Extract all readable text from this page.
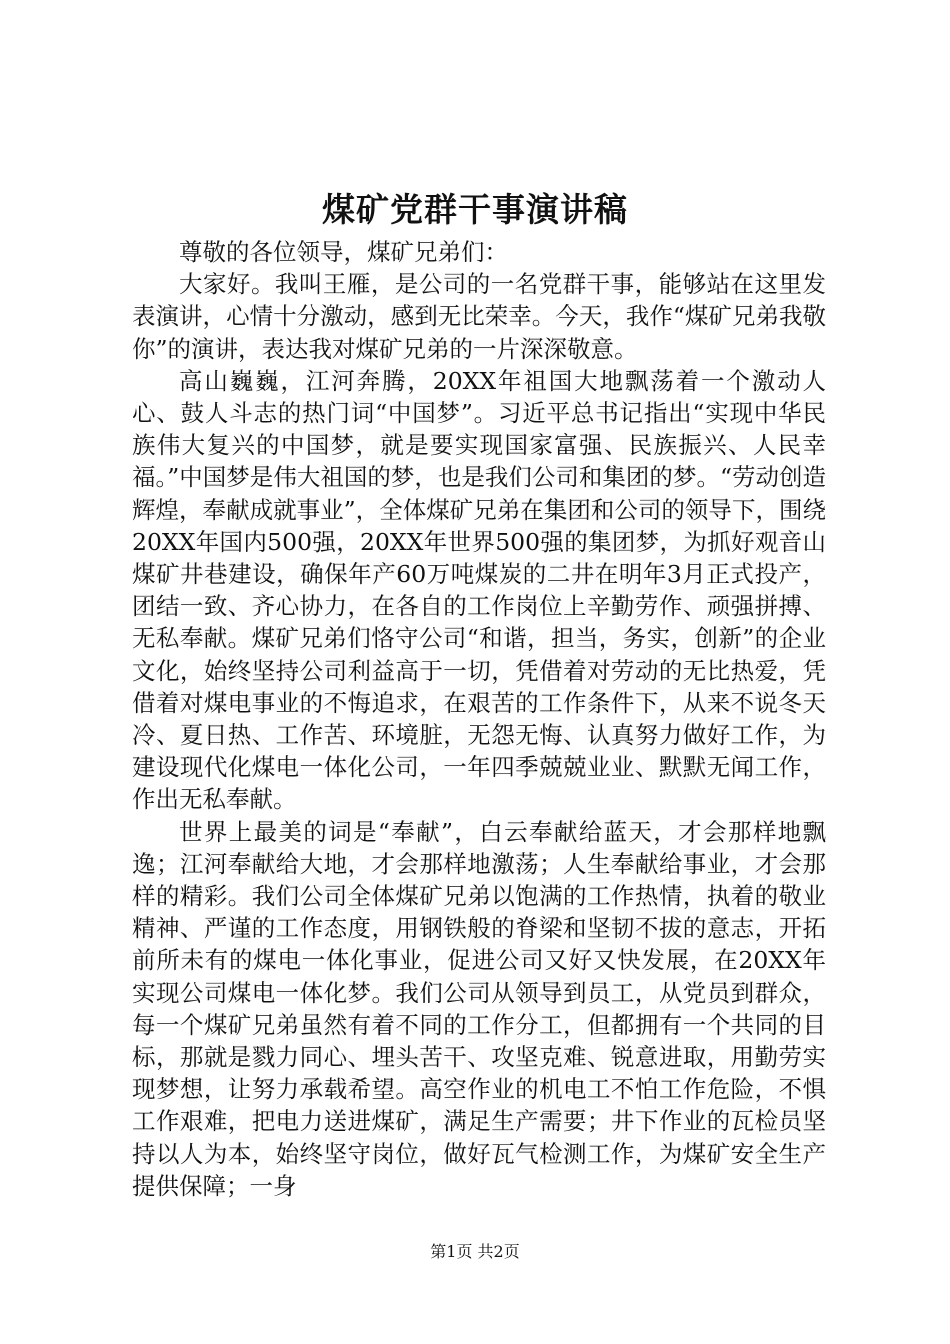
煤矿党群干事演讲稿

尊敬的各位领导，煤矿兄弟们：

大家好。我叫王雁，是公司的一名党群干事，能够站在这里发表演讲，心情十分激动，感到无比荣幸。今天，我作“煤矿兄弟我敬你”的演讲，表达我对煤矿兄弟的一片深深敬意。

高山巍巍，江河奔腾，20XX年祖国大地飘荡着一个激动人心、鼓人斗志的热门词“中国梦”。习近平总书记指出“实现中华民族伟大复兴的中国梦，就是要实现国家富强、民族振兴、人民幸福。”中国梦是伟大祖国的梦，也是我们公司和集团的梦。“劳动创造辉煌，奉献成就事业”，全体煤矿兄弟在集团和公司的领导下，围绕20XX年国内500强，20XX年世界500强的集团梦，为抓好观音山煤矿井巷建设，确保年产60万吨煤炭的二井在明年3月正式投产，团结一致、齐心协力，在各自的工作岗位上辛勤劳作、顽强拼搏、无私奉献。煤矿兄弟们恪守公司“和谐，担当，务实，创新”的企业文化，始终坚持公司利益高于一切，凭借着对劳动的无比热爱，凭借着对煤电事业的不悔追求，在艰苦的工作条件下，从来不说冬天冷、夏日热、工作苦、环境脏，无怨无悔、认真努力做好工作，为建设现代化煤电一体化公司，一年四季兢兢业业、默默无闻工作，作出无私奉献。

世界上最美的词是“奉献”，白云奉献给蓝天，才会那样地飘逸；江河奉献给大地，才会那样地激荡；人生奉献给事业，才会那样的精彩。我们公司全体煤矿兄弟以饱满的工作热情，执着的敬业精神、严谨的工作态度，用钢铁般的脊梁和坚韧不拔的意志，开拓前所未有的煤电一体化事业，促进公司又好又快发展，在20XX年实现公司煤电一体化梦。我们公司从领导到员工，从党员到群众，每一个煤矿兄弟虽然有着不同的工作分工，但都拥有一个共同的目标，那就是戮力同心、埋头苦干、攻坚克难、锐意进取，用勤劳实现梦想，让努力承载希望。高空作业的机电工不怕工作危险，不惧工作艰难，把电力送进煤矿，满足生产需要；井下作业的瓦检员坚持以人为本，始终坚守岗位，做好瓦气检测工作，为煤矿安全生产提供保障；一身

第1页 共2页
